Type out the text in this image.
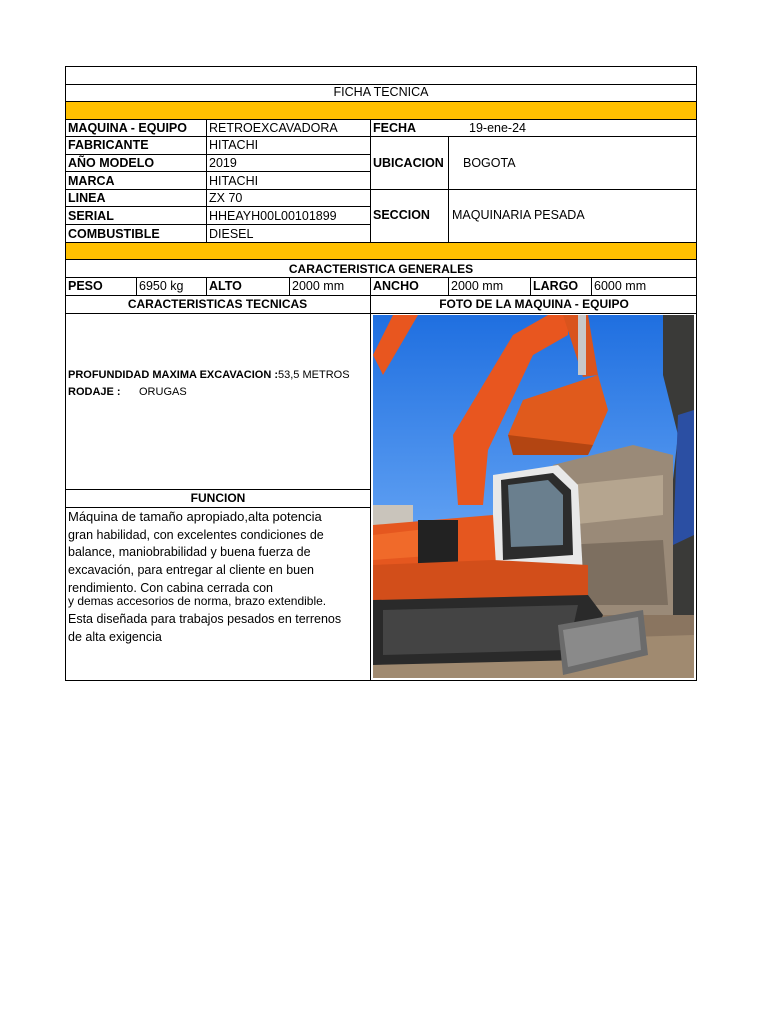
FICHA TECNICA
MAQUINA - EQUIPO RETROEXCAVADORA
FABRICANTE	HITACHI
AÑO MODELO	2019
MARCA	HITACHI
LINEA	ZX 70
SERIAL	HHEAYH00L00101899
COMBUSTIBLE	DIESEL
FECHA	19-ene-24
UBICACION BOGOTA
SECCION MAQUINARIA PESADA
CARACTERISTICA GENERALES
PESO	6950 kg ALTO	2000 mm ANCHO	2000 mm LARGO 6000 mm
CARACTERISTICAS TECNICAS	FOTO DE LA MAQUINA - EQUIPO
PROFUNDIDAD MAXIMA EXCAVACION :53,5 METROS
RODAJE : ORUGAS
FUNCION
Máquina de tamaño apropiado,alta potencia
gran habilidad, con excelentes condiciones de
balance, maniobrabilidad y buena fuerza de
excavación, para entregar al cliente en buen
rendimiento. Con cabina cerrada con
y demas accesorios de norma, brazo extendible.
Esta diseñada para trabajos pesados en terrenos
de alta exigencia
